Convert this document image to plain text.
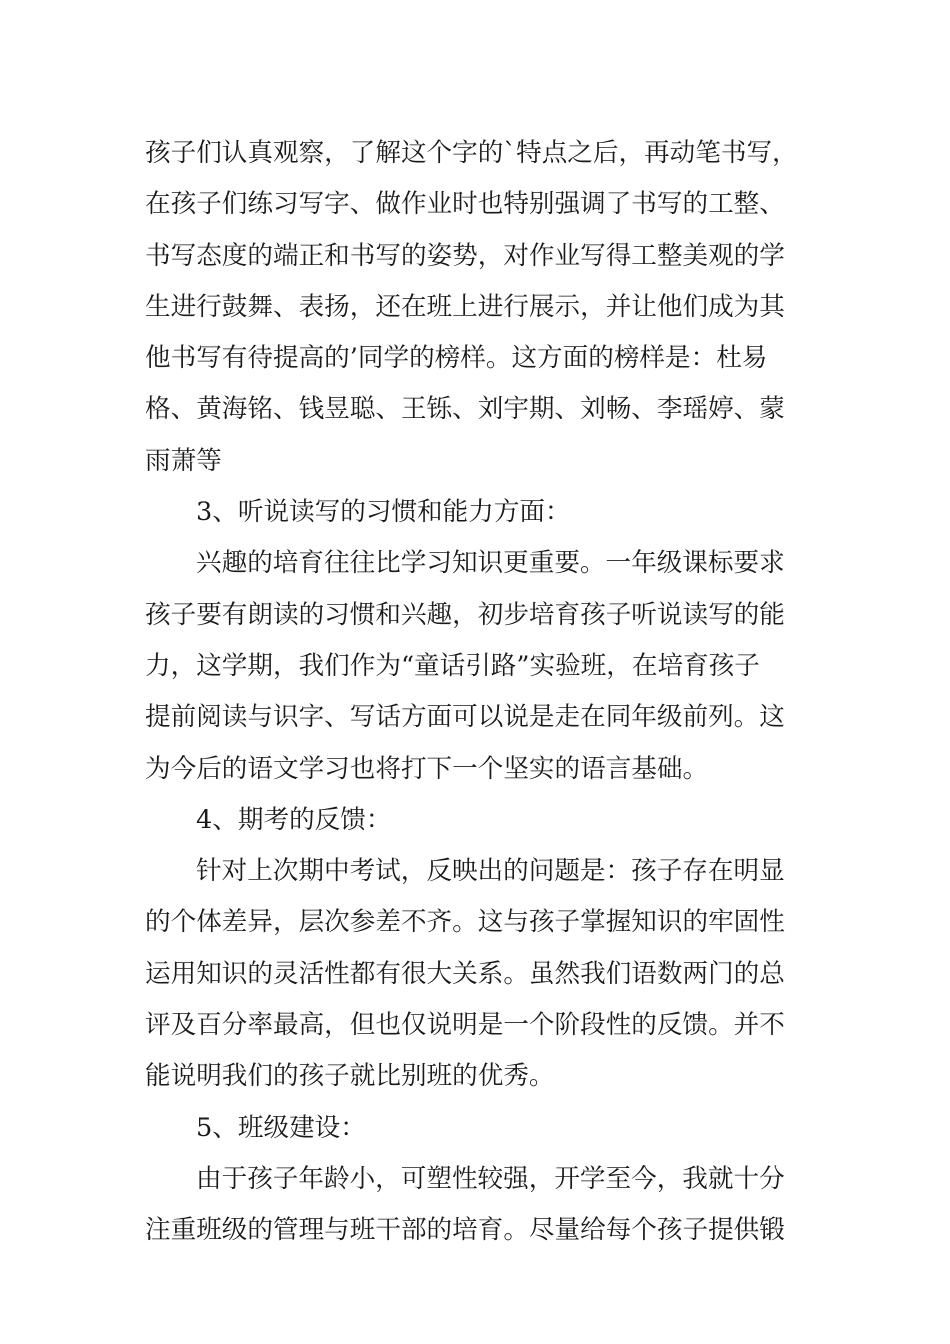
孩子们认真观察，了解这个字的`特点之后，再动笔书写，
在孩子们练习写字、做作业时也特别强调了书写的工整、
书写态度的端正和书写的姿势，对作业写得工整美观的学
生进行鼓舞、表扬，还在班上进行展示，并让他们成为其
他书写有待提高的’同学的榜样。这方面的榜样是：杜易
格、黄海铭、钱昱聪、王铄、刘宇期、刘畅、李瑶婷、蒙
雨萧等
3、听说读写的习惯和能力方面：
兴趣的培育往往比学习知识更重要。一年级课标要求
孩子要有朗读的习惯和兴趣，初步培育孩子听说读写的能
力，这学期，我们作为“童话引路”实验班，在培育孩子
提前阅读与识字、写话方面可以说是走在同年级前列。这
为今后的语文学习也将打下一个坚实的语言基础。
4、期考的反馈：
针对上次期中考试，反映出的问题是：孩子存在明显
的个体差异，层次参差不齐。这与孩子掌握知识的牢固性
运用知识的灵活性都有很大关系。虽然我们语数两门的总
评及百分率最高，但也仅说明是一个阶段性的反馈。并不
能说明我们的孩子就比别班的优秀。
5、班级建设：
由于孩子年龄小，可塑性较强，开学至今，我就十分
注重班级的管理与班干部的培育。尽量给每个孩子提供锻
